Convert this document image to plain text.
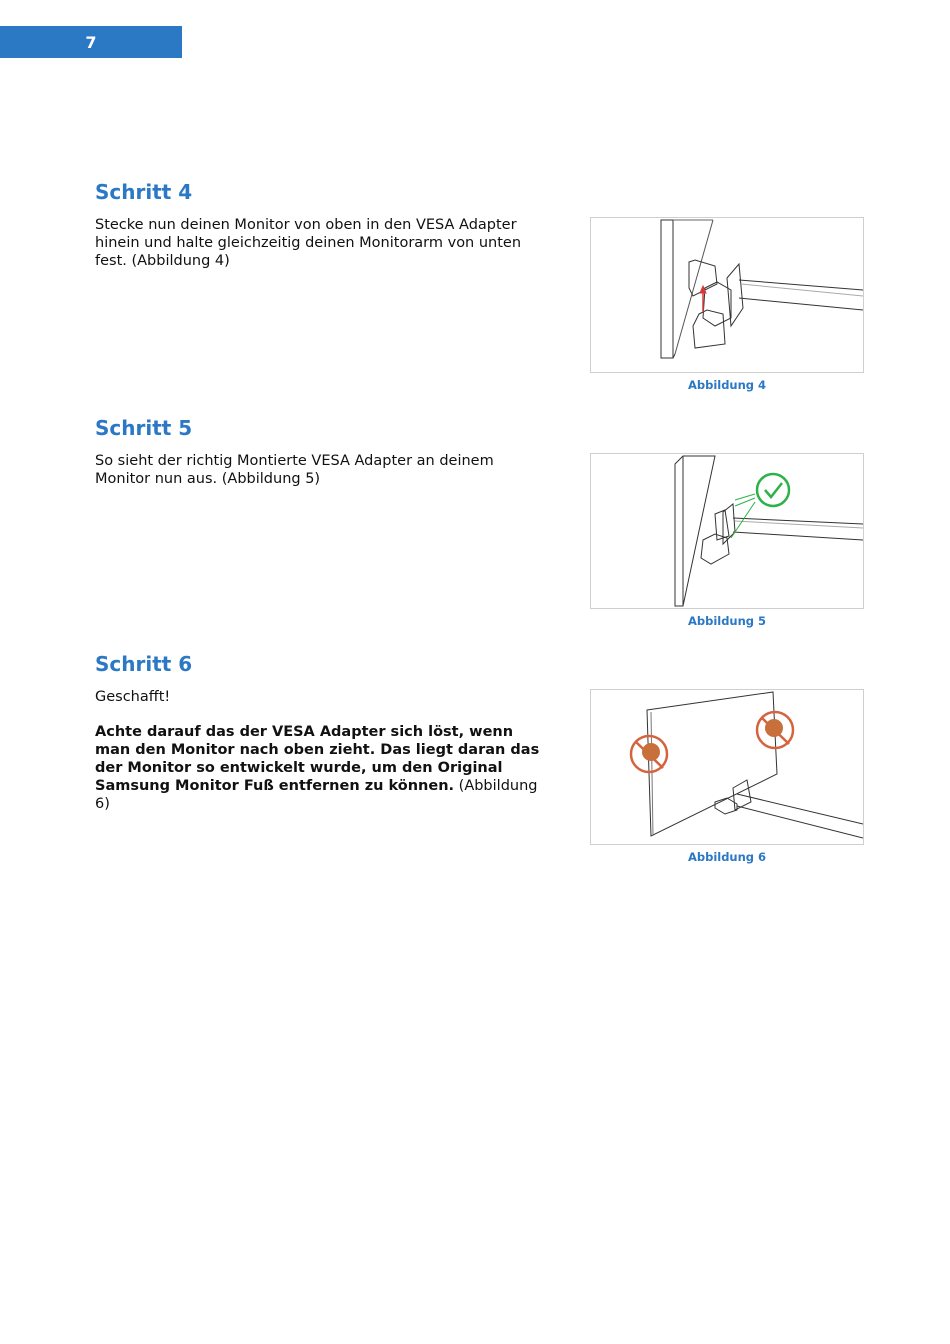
7
Schritt 4

Stecke nun deinen Monitor von oben in den VESA Adapter hinein und halte gleichzeitig deinen Monitorarm von unten fest. (Abbildung 4)

Abbildung 4
Schritt 5

So sieht der richtig Montierte VESA Adapter an deinem Monitor nun aus. (Abbildung 5)

Abbildung 5
Schritt 6

Geschafft!

Achte darauf das der VESA Adapter sich löst, wenn man den Monitor nach oben zieht. Das liegt daran das der Monitor so entwickelt wurde, um den Original Samsung Monitor Fuß entfernen zu können. (Abbildung 6)

Abbildung 6
